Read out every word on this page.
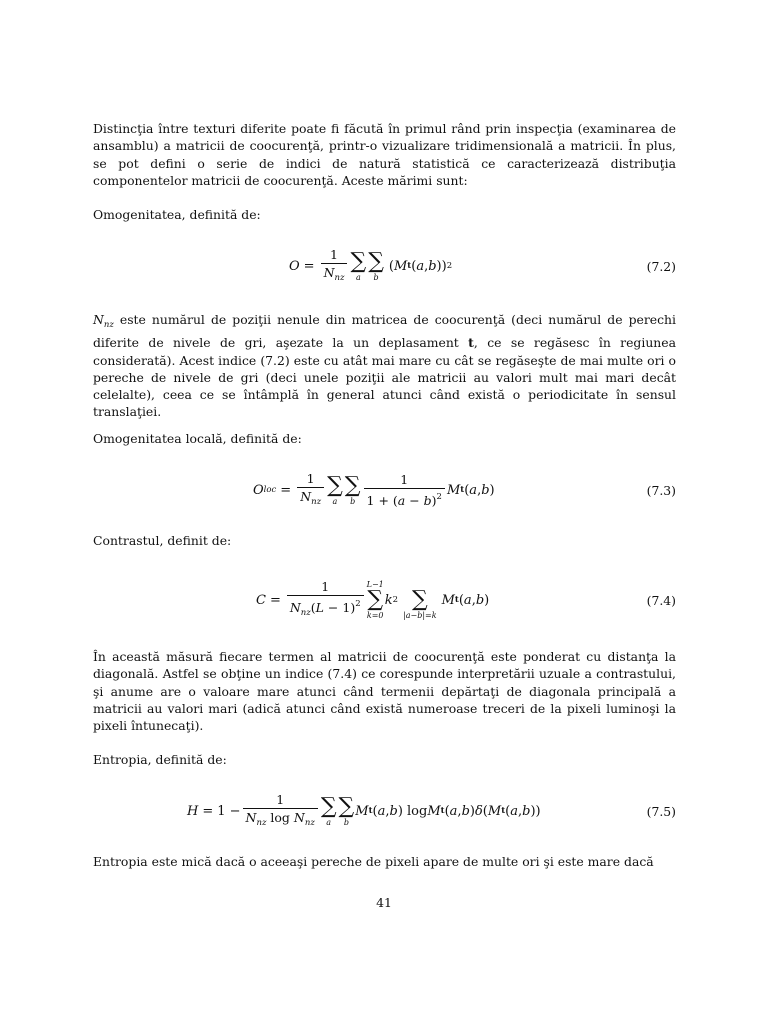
Distincţia între texturi diferite poate fi făcută în primul rând prin inspecţia (examinarea de ansamblu) a matricii de coocurenţă, printr-o vizualizare tridimensională a matricii. În plus, se pot defini o serie de indici de natură statistică ce caracterizează distribuţia componentelor matricii de coocurenţă. Aceste mărimi sunt:

Omogenitatea, definită de:

$O = \frac{1}{N_{nz}}$ ∑
a
∑
b
( M t ( a , b )) 2	(7.2)

$N_{nz}$ este numărul de poziţii nenule din matricea de coocurenţă (deci numărul de perechi diferite de nivele de gri, aşezate la un deplasament t, ce se regăsesc în regiunea considerată). Acest indice (7.2) este cu atât mai mare cu cât se regăseşte de mai multe ori o pereche de nivele de gri (deci unele poziţii ale matricii au valori mult mai mari decât celelalte), ceea ce se întâmplă în general atunci când există o periodicitate în sensul translaţiei.

Omogenitatea locală, definită de:

O loc = $\frac{1}{N_{nz}}$ ∑
a
∑
b $\frac{1}{1 + (a - b)^2}$ M t ( a , b )	(7.3)

Contrastul, definit de:

$C = \frac{1}{N_{nz}(L - 1)^2} L-1$
∑
k=0
k 2
∑
|a−b|=k
M t ( a , b )	(7.4)

În această măsură fiecare termen al matricii de coocurenţă este ponderat cu distanţa la diagonală. Astfel se obţine un indice (7.4) ce corespunde interpretării uzuale a contrastului, şi anume are o valoare mare atunci când termenii depărtaţi de diagonala principală a matricii au valori mari (adică atunci când există numeroase treceri de la pixeli luminoşi la pixeli întunecaţi).

Entropia, definită de:

$H = 1 - \frac{1}{N_{nz} \log N_{nz}}$ ∑
a
∑
b
M t ( a , b ) log M t ( a , b ) δ ( M t ( a , b ))	(7.5)

Entropia este mică dacă o aceeaşi pereche de pixeli apare de multe ori şi este mare dacă

41
